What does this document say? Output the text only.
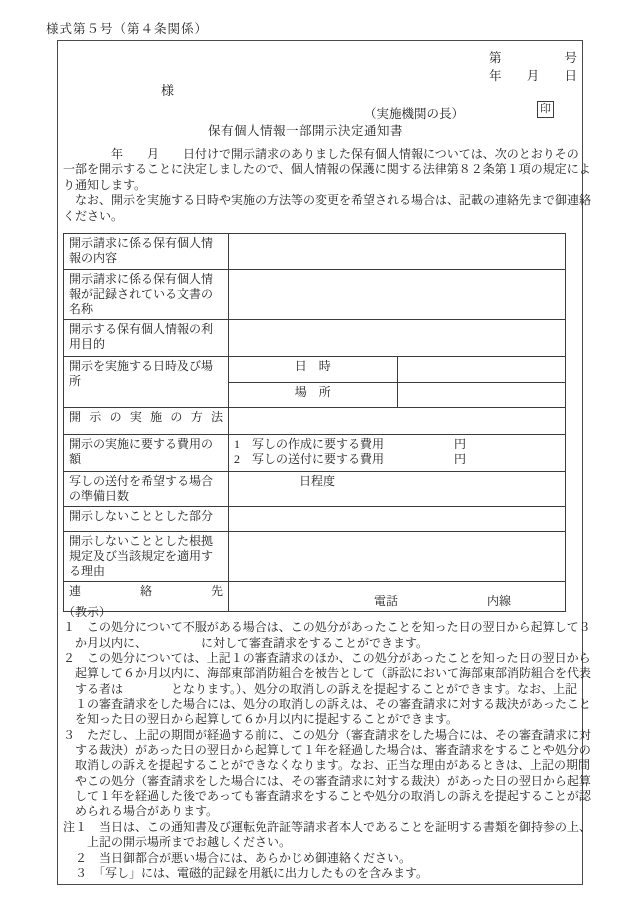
様式第５号（第４条関係）
第	号
年 月 日
様
（実施機関の長）	印
保有個人情報一部開示決定通知書
　　　　年　　月　　日付けで開示請求のありました保有個人情報については、次のとおりその
一部を開示することに決定しましたので、個人情報の保護に関する法律第８２条第１項の規定によ
り通知します。
　なお、開示を実施する日時や実施の方法等の変更を希望される場合は、記載の連絡先まで御連絡
ください。
開示請求に係る保有個人情報の内容		
開示請求に係る保有個人情報が記録されている文書の名称		
開示する保有個人情報の利用目的		
開示を実施する日時及び場所	日　時	
	場　所	
開示の実施の方法		
開示の実施に要する費用の額	1　写しの作成に要する費用 円
2　写しの送付に要する費用 円	

写しの送付を希望する場合の準備日数	日程度	

開示しないこととした部分		
開示しないこととした根拠規定及び当該規定を適用する理由		
連絡先	電話 内線	
（教示）
１　この処分について不服がある場合は、この処分があったことを知った日の翌日から起算して３
　か月以内に、　　　　　に対して審査請求をすることができます。
２　この処分については、上記１の審査請求のほか、この処分があったことを知った日の翌日から
　起算して６か月以内に、海部東部消防組合を被告として（訴訟において海部東部消防組合を代表
　する者は　　　　となります。）、処分の取消しの訴えを提起することができます。なお、上記
　１の審査請求をした場合には、処分の取消しの訴えは、その審査請求に対する裁決があったこと
　を知った日の翌日から起算して６か月以内に提起することができます。
３　ただし、上記の期間が経過する前に、この処分（審査請求をした場合には、その審査請求に対
　する裁決）があった日の翌日から起算して１年を経過した場合は、審査請求をすることや処分の
　取消しの訴えを提起することができなくなります。なお、正当な理由があるときは、上記の期間
　やこの処分（審査請求をした場合には、その審査請求に対する裁決）があった日の翌日から起算
　して１年を経過した後であっても審査請求をすることや処分の取消しの訴えを提起することが認
　められる場合があります。
注１　当日は、この通知書及び運転免許証等請求者本人であることを証明する書類を御持参の上、
　　上記の開示場所までお越しください。
　２　当日御都合が悪い場合には、あらかじめ御連絡ください。
　３　「写し」には、電磁的記録を用紙に出力したものを含みます。
